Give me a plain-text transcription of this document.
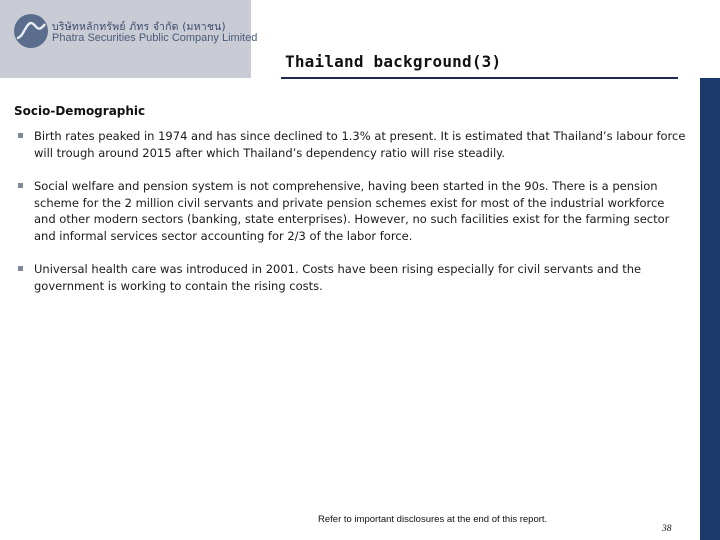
บริษัทหลักทรัพย์ ภัทร จำกัด (มหาชน)
Phatra Securities Public Company Limited
Thailand background(3)
Socio-Demographic
Birth rates peaked in 1974 and has since declined to 1.3% at present. It is estimated that Thailand’s labour force will trough around 2015 after which Thailand’s dependency ratio will rise steadily.
Social welfare and pension system is not comprehensive, having been started in the 90s. There is a pension scheme for the 2 million civil servants and private pension schemes exist for most of the industrial workforce and other modern sectors (banking, state enterprises). However, no such facilities exist for the farming sector and informal services sector accounting for 2/3 of the labor force.
Universal health care was introduced in 2001. Costs have been rising especially for civil servants and the government is working to contain the rising costs.
Refer to important disclosures at the end of this report.
38
